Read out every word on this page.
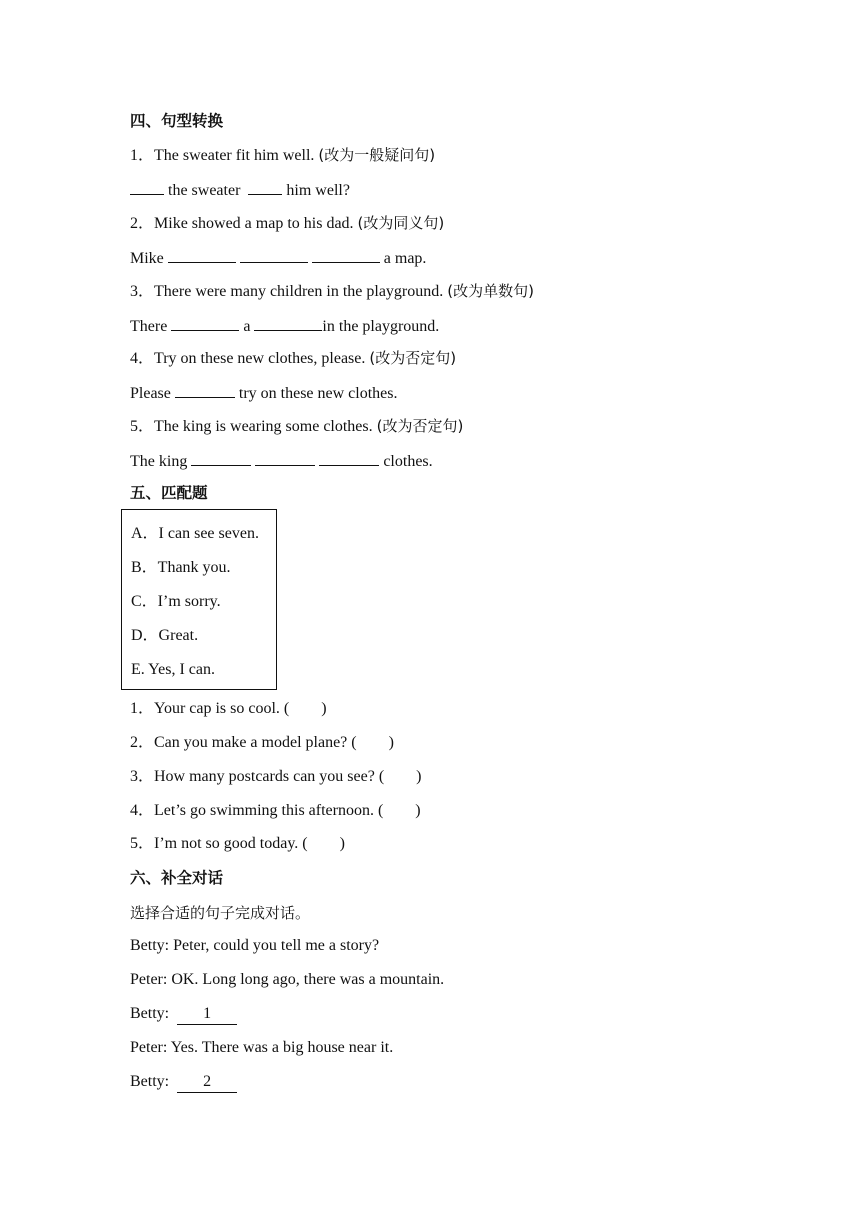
四、句型转换
1．The sweater fit him well. (改为一般疑问句)
the sweater  him well?
2．Mike showed a map to his dad. (改为同义句)
Mike	a map.
3．There were many children in the playground. (改为单数句)
There	a	in the playground.
4．Try on these new clothes, please. (改为否定句)
Please	try on these new clothes.
5．The king is wearing some clothes. (改为否定句)
The king	clothes.
五、匹配题
A．I can see seven.
B．Thank you.
C．I’m sorry.
D．Great.
E. Yes, I can.
1．Your cap is so cool. (        )
2．Can you make a model plane? (        )
3．How many postcards can you see? (        )
4．Let’s go swimming this afternoon. (        )
5．I’m not so good today. (        )
六、补全对话
选择合适的句子完成对话。
Betty: Peter, could you tell me a story?
Peter: OK. Long long ago, there was a mountain.
Betty:  1
Peter: Yes. There was a big house near it.
Betty:  2
